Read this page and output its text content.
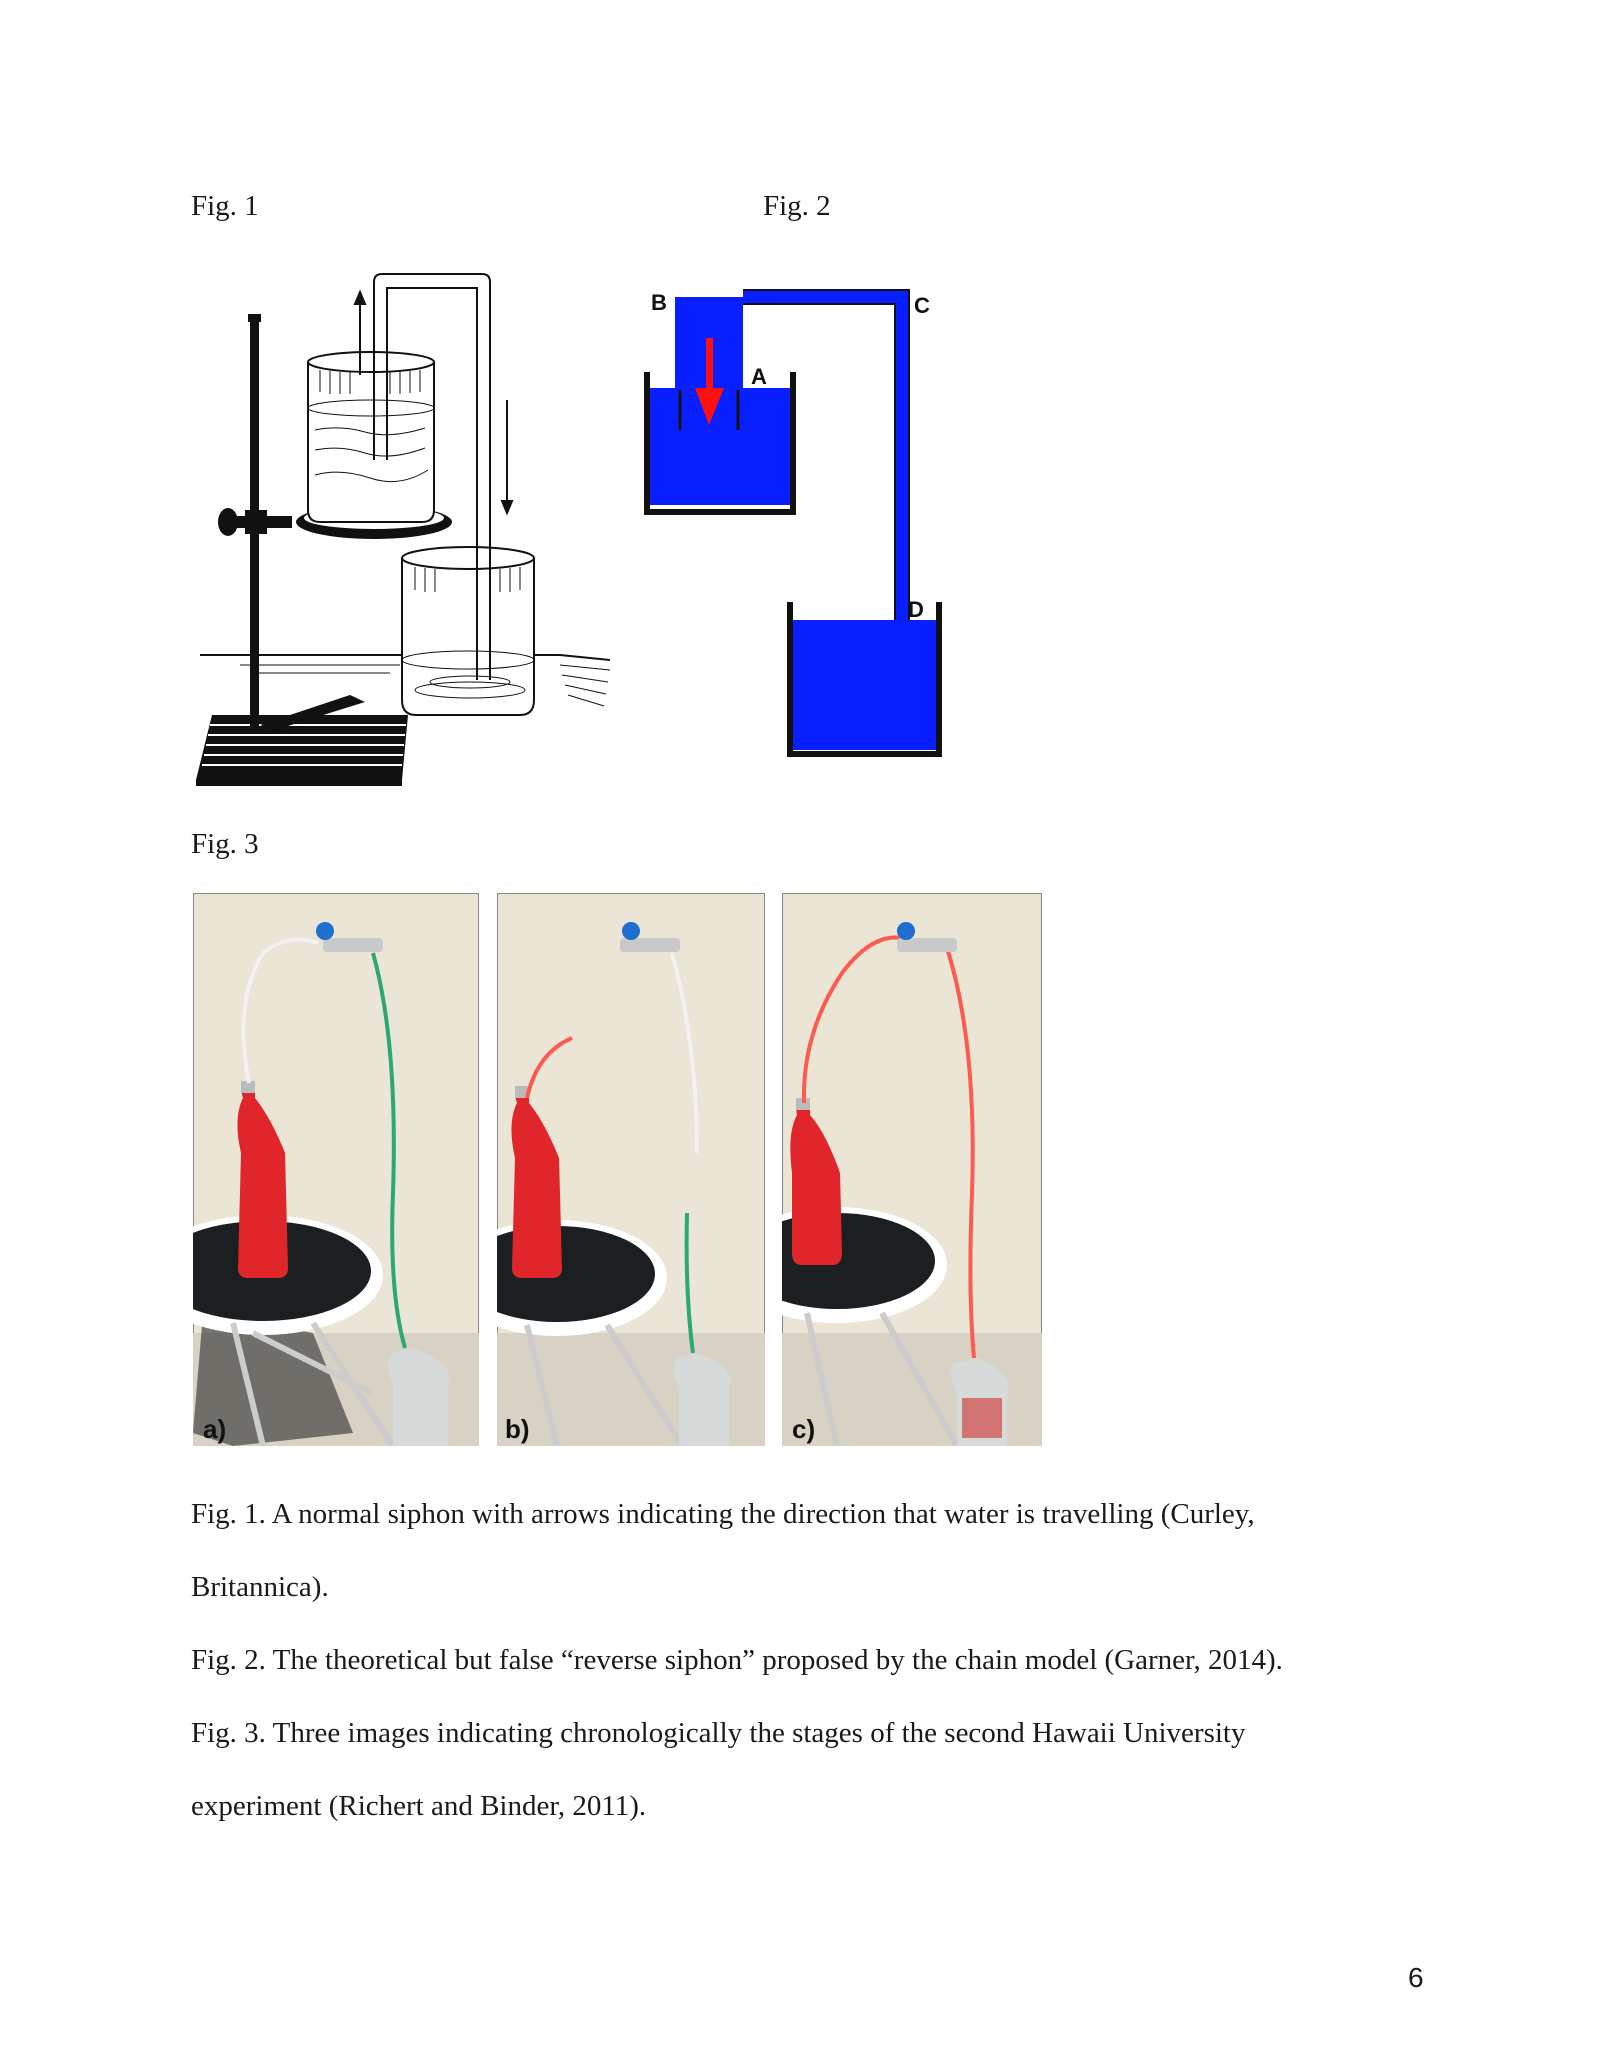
Fig. 1	Fig. 2
Fig. 3
B	C
A
D
a)	b)	c)
Fig. 1. A normal siphon with arrows indicating the direction that water is travelling (Curley,
Britannica).
Fig. 2. The theoretical but false “reverse siphon” proposed by the chain model (Garner, 2014).
Fig. 3. Three images indicating chronologically the stages of the second Hawaii University
experiment (Richert and Binder, 2011).
6
